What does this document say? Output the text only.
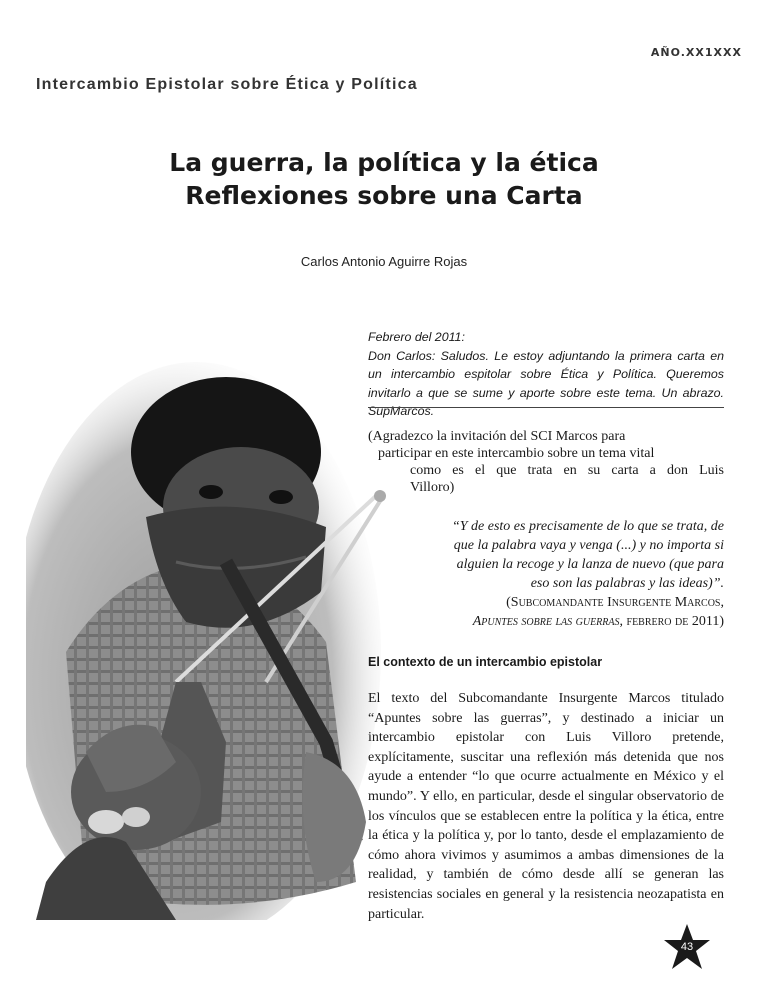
AÑO.XX1XXX
Intercambio Epistolar sobre Ética y Política
La guerra, la política y la ética
Reflexiones sobre una Carta
Carlos Antonio Aguirre Rojas
Febrero del 2011:
Don Carlos: Saludos. Le estoy adjuntando la primera carta en un intercambio espitolar sobre Ética y Política. Queremos invitarlo a que se sume y aporte sobre este tema. Un abrazo. SupMarcos.
(Agradezco la invitación del SCI Marcos para
participar en este intercambio sobre un tema vital
como es el que trata en su carta a don Luis
Villoro)
“Y de esto es precisamente de lo que se trata, de
que la palabra vaya y venga (...) y no importa si
alguien la recoge y la lanza de nuevo (que para
eso son las palabras y las ideas)”.
(Subcomandante Insurgente Marcos,
Apuntes sobre las guerras, febrero de 2011)
El contexto de un intercambio epistolar
El texto del Subcomandante Insurgente Marcos titulado “Apuntes sobre las guerras”, y destinado a iniciar un intercambio epistolar con Luis Villoro pretende, explícitamente, suscitar una reflexión más detenida que nos ayude a entender “lo que ocurre actualmente en México y el mundo”. Y ello, en particular, desde el singular observatorio de los vínculos que se establecen entre la política y la ética, entre la ética y la política y, por lo tanto, desde el emplazamiento de cómo ahora vivimos y asumimos a ambas dimensiones de la realidad, y también de cómo desde allí se generan las resistencias sociales en general y la resistencia neozapatista en particular.
43
